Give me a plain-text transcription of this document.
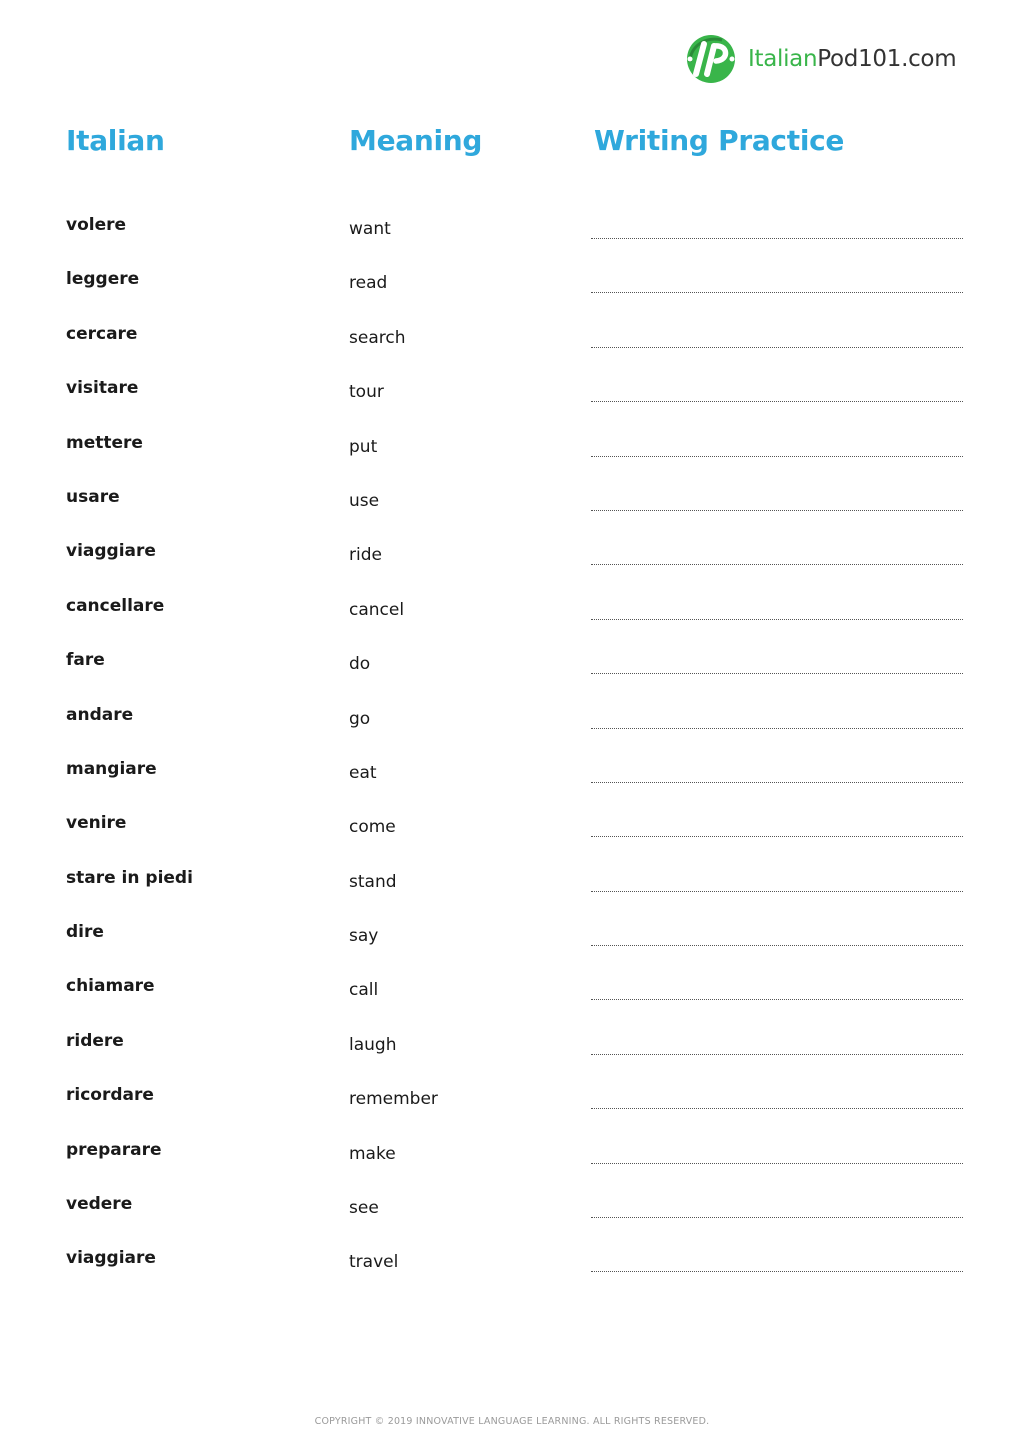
ItalianPod101.com
Italian	Meaning	Writing Practice
volere	want
leggere	read
cercare	search
visitare	tour
mettere	put
usare	use
viaggiare	ride
cancellare	cancel
fare	do
andare	go
mangiare	eat
venire	come
stare in piedi	stand
dire	say
chiamare	call
ridere	laugh
ricordare	remember
preparare	make
vedere	see
viaggiare	travel
COPYRIGHT © 2019 INNOVATIVE LANGUAGE LEARNING. ALL RIGHTS RESERVED.
